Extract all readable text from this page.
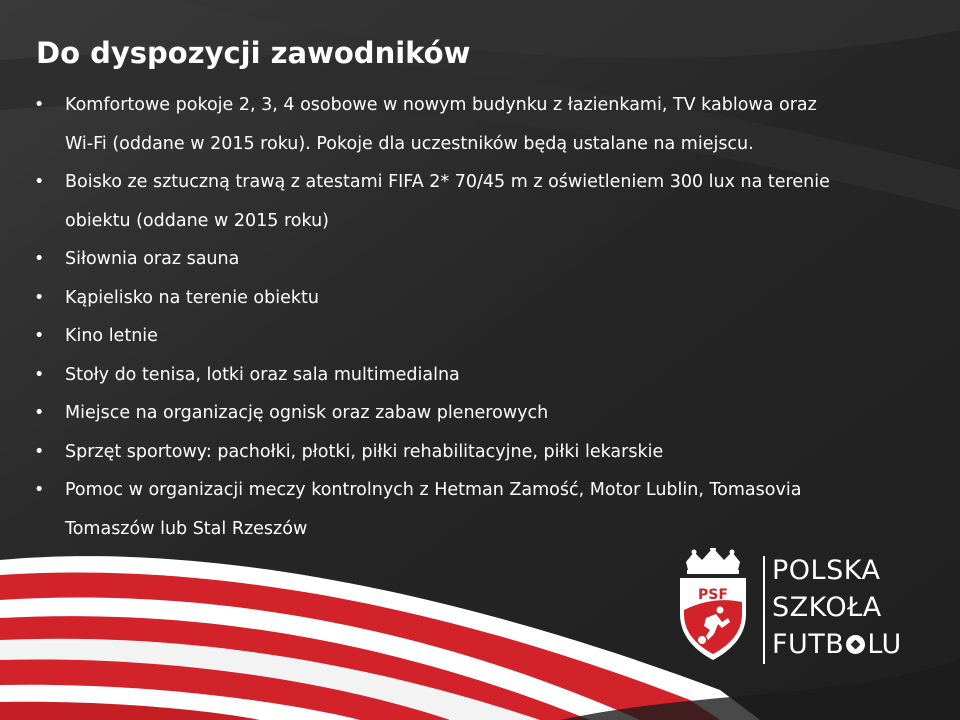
Do dyspozycji zawodników
•	Komfortowe pokoje 2, 3, 4 osobowe w nowym budynku z łazienkami, TV kablowa oraz
Wi-Fi (oddane w 2015 roku). Pokoje dla uczestników będą ustalane na miejscu.
•	Boisko ze sztuczną trawą z atestami FIFA 2* 70/45 m z oświetleniem 300 lux na terenie
obiektu (oddane w 2015 roku)
•	Siłownia oraz sauna
•	Kąpielisko na terenie obiektu
•	Kino letnie
•	Stoły do tenisa, lotki oraz sala multimedialna
•	Miejsce na organizację ognisk oraz zabaw plenerowych
•	Sprzęt sportowy: pachołki, płotki, piłki rehabilitacyjne, piłki lekarskie
•	Pomoc w organizacji meczy kontrolnych z Hetman Zamość, Motor Lublin, Tomasovia
Tomaszów lub Stal Rzeszów
PSF
POLSKA
SZKOŁA
FUTB LU
